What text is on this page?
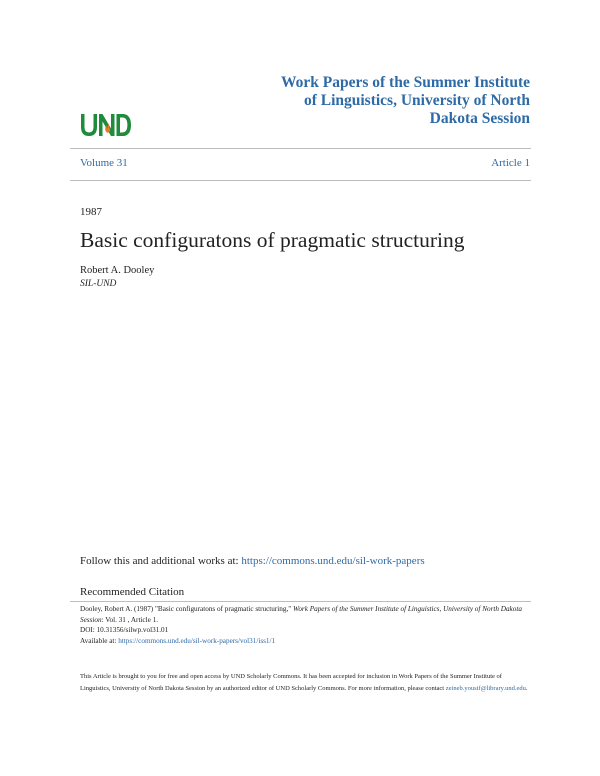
Work Papers of the Summer Institute of Linguistics, University of North Dakota Session
Volume 31	Article 1
1987
Basic configuratons of pragmatic structuring
Robert A. Dooley
SIL-UND
Follow this and additional works at: https://commons.und.edu/sil-work-papers
Recommended Citation
Dooley, Robert A. (1987) "Basic configuratons of pragmatic structuring," Work Papers of the Summer Institute of Linguistics, University of North Dakota Session: Vol. 31 , Article 1.
DOI: 10.31356/silwp.vol31.01
Available at: https://commons.und.edu/sil-work-papers/vol31/iss1/1
This Article is brought to you for free and open access by UND Scholarly Commons. It has been accepted for inclusion in Work Papers of the Summer Institute of Linguistics, University of North Dakota Session by an authorized editor of UND Scholarly Commons. For more information, please contact zeineb.yousif@library.und.edu.
